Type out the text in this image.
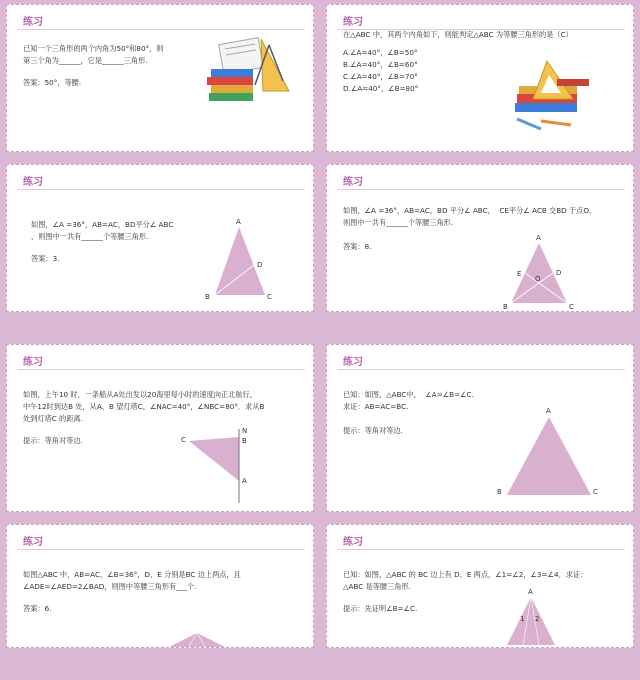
练习
已知一个三角形的两个内角为50°和80°，则
第三个角为______，它是______三角形.
答案：50°，等腰.
练习
在△ABC 中，其两个内角如下，则能判定△ABC 为等腰三角形的是（C）
A.∠A=40°，∠B=50°
B.∠A=40°，∠B=60°
C.∠A=40°，∠B=70°
D.∠A=40°，∠B=80°
练习
如图，∠A =36°，AB=AC，BD平分∠ ABC
，则图中一共有______个等腰三角形.
答案：3.
A
B	C
D
练习
如图，∠A =36°，AB=AC，BD 平分∠ ABC，  CE平分∠ ACB 交BD 于点O，
则图中一共有______个等腰三角形.
答案：8.
A
B	C
D
E
O
练习
如图，上午10 时，一条船从A处出发以20海里每小时的速度向正北航行，
中午12时到达B 处，从A、B 望灯塔C，∠NAC=40°，∠NBC=80°．求从B
处到灯塔C 的距离.
提示：等角对等边.	C
N
B
A
练习
已知：如图，△ABC中，  ∠A=∠B=∠C.
求证：AB=AC=BC.
提示：等角对等边.
A
B	C
练习
如图△ABC 中，AB=AC，∠B=36°，D、E 分别是BC 边上两点，且
∠ADE=∠AED=2∠BAD，则图中等腰三角形有___个.
答案：6.
练习
已知：如图，△ABC 的 BC 边上有 D、E 两点，∠1=∠2，∠3=∠4．求证：
△ABC 是等腰三角形.
提示：先证明∠B=∠C.
A
1 2
